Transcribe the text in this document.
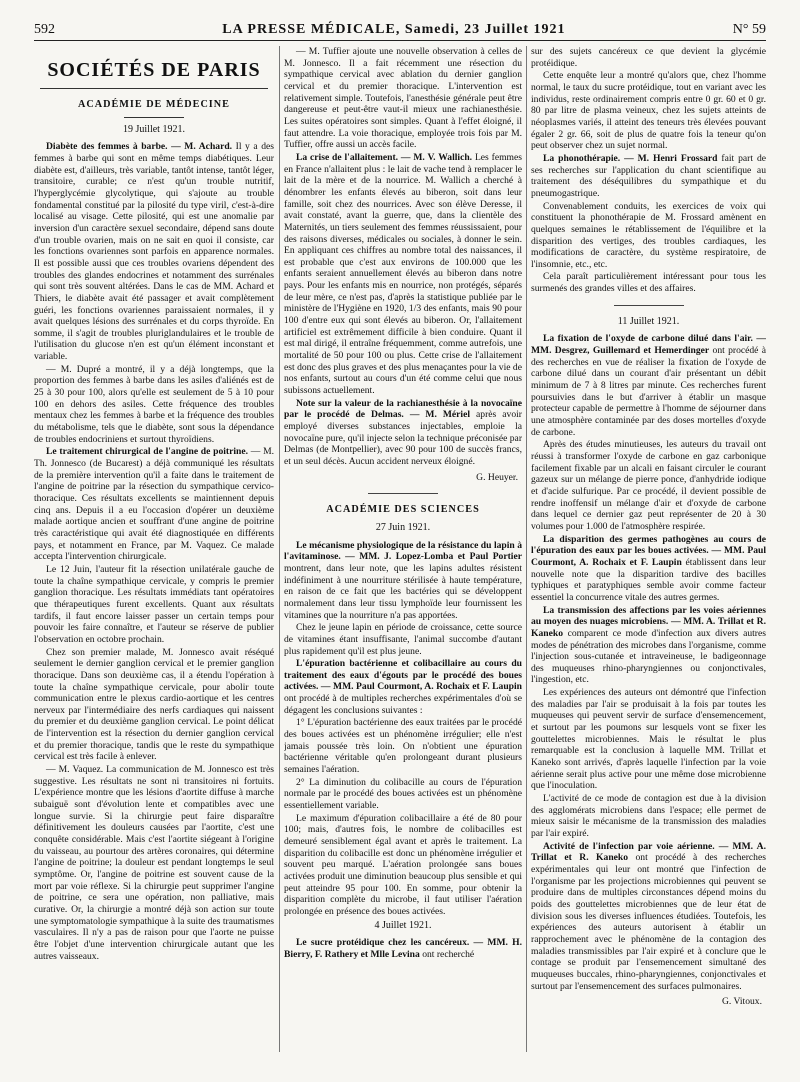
592	LA PRESSE MÉDICALE, Samedi, 23 Juillet 1921	N° 59
SOCIÉTÉS DE PARIS
ACADÉMIE DE MÉDECINE
19 Juillet 1921.

Diabète des femmes à barbe. — M. Achard. Il y a des femmes à barbe qui sont en même temps diabétiques. Leur diabète est, d'ailleurs, très variable, tantôt intense, tantôt léger, transitoire, curable; ce n'est qu'un trouble nutritif, l'hyperglycémie glycolytique, qui s'ajoute au trouble fondamental constitué par la pilosité du type viril, c'est-à-dire localisé au visage. Cette pilosité, qui est une anomalie par inversion d'un caractère sexuel secondaire, dépend sans doute d'un trouble ovarien, mais on ne sait en quoi il consiste, car les fonctions ovariennes sont parfois en apparence normales. Il est possible aussi que ces troubles ovariens dépendent des troubles des glandes endocrines et notamment des surrénales qui sont très souvent altérées. Dans le cas de MM. Achard et Thiers, le diabète avait été passager et avait complètement guéri, les fonctions ovariennes paraissaient normales, il y avait quelques lésions des surrénales et du corps thyroïde. En somme, il s'agit de troubles pluriglandulaires et le trouble de l'utilisation du glucose n'en est qu'un élément inconstant et variable.

— M. Dupré a montré, il y a déjà longtemps, que la proportion des femmes à barbe dans les asiles d'aliénés est de 25 à 30 pour 100, alors qu'elle est seulement de 5 à 10 pour 100 en dehors des asiles. Cette fréquence des troubles mentaux chez les femmes à barbe et la fréquence des troubles du métabolisme, tels que le diabète, sont sous la dépendance de troubles endocriniens et surtout thyroïdiens.

Le traitement chirurgical de l'angine de poitrine. — M. Th. Jonnesco (de Bucarest) a déjà communiqué les résultats de la première intervention qu'il a faite dans le traitement de l'angine de poitrine par la résection du sympathique cervico-thoracique. Ces résultats excellents se maintiennent depuis cinq ans. Depuis il a eu l'occasion d'opérer un deuxième malade aortique ancien et souffrant d'une angine de poitrine très caractéristique qui avait été diagnostiquée en différents pays, et notamment en France, par M. Vaquez. Ce malade accepta l'intervention chirurgicale.

Le 12 Juin, l'auteur fit la résection unilatérale gauche de toute la chaîne sympathique cervicale, y compris le premier ganglion thoracique. Les résultats immédiats tant opératoires que thérapeutiques furent excellents. Quant aux résultats tardifs, il faut encore laisser passer un certain temps pour pouvoir les faire connaître, et l'auteur se réserve de publier l'observation en octobre prochain.

Chez son premier malade, M. Jonnesco avait réséqué seulement le dernier ganglion cervical et le premier ganglion thoracique. Dans son deuxième cas, il a étendu l'opération à toute la chaîne sympathique cervicale, pour abolir toute communication entre le plexus cardio-aortique et les centres nerveux par l'intermédiaire des nerfs cardiaques qui naissent du premier et du deuxième ganglion cervical. Le point délicat de l'intervention est la résection du dernier ganglion cervical et du premier thoracique, tandis que le reste du sympathique cervical est très facile à enlever.

— M. Vaquez. La communication de M. Jonnesco est très suggestive. Les résultats ne sont ni transitoires ni fortuits. L'expérience montre que les lésions d'aortite diffuse à marche subaiguë sont d'évolution lente et compatibles avec une longue survie. Si la chirurgie peut faire disparaître définitivement les douleurs causées par l'aortite, c'est une conquête considérable. Mais c'est l'aortite siégeant à l'origine du vaisseau, au pourtour des artères coronaires, qui détermine l'angine de poitrine; la douleur est pendant longtemps le seul symptôme. Or, l'angine de poitrine est souvent cause de la mort par voie réflexe. Si la chirurgie peut supprimer l'angine de poitrine, ce sera une opération, non palliative, mais curative. Or, la chirurgie a montré déjà son action sur toute une symptomatologie sympathique à la suite des traumatismes vasculaires. Il n'y a pas de raison pour que l'aorte ne puisse être l'objet d'une intervention chirurgicale autant que les autres vaisseaux.

— M. Tuffier ajoute une nouvelle observation à celles de M. Jonnesco. Il a fait récemment une résection du sympathique cervical avec ablation du dernier ganglion cervical et du premier thoracique. L'intervention est relativement simple. Toutefois, l'anesthésie générale peut être dangereuse et peut-être vaut-il mieux une rachianesthésie. Les suites opératoires sont simples. Quant à l'effet éloigné, il faut attendre. La voie thoracique, employée trois fois par M. Tuffier, offre aussi un accès facile.

La crise de l'allaitement. — M. V. Wallich. Les femmes en France n'allaitent plus : le lait de vache tend à remplacer le lait de la mère et de la nourrice. M. Wallich a cherché à dénombrer les enfants élevés au biberon, soit dans leur famille, soit chez des nourrices. Avec son élève Deresse, il avait constaté, avant la guerre, que, dans la clientèle des Maternités, un tiers seulement des femmes réussissaient, pour des raisons diverses, médicales ou sociales, à donner le sein. En appliquant ces chiffres au nombre total des naissances, il est probable que c'est aux environs de 100.000 que les enfants seraient annuellement élevés au biberon dans notre pays. Pour les enfants mis en nourrice, non protégés, séparés de leur mère, ce n'est pas, d'après la statistique publiée par le ministère de l'Hygiène en 1920, 1/3 des enfants, mais 90 pour 100 d'entre eux qui sont élevés au biberon. Or, l'allaitement artificiel est extrêmement difficile à bien conduire. Quant il est mal dirigé, il entraîne fréquemment, comme autrefois, une mortalité de 50 pour 100 ou plus. Cette crise de l'allaitement est donc des plus graves et des plus menaçantes pour la vie de nos enfants, surtout au cours d'un été comme celui que nous subissons actuellement.

Note sur la valeur de la rachianesthésie à la novocaïne par le procédé de Delmas. — M. Mériel après avoir employé diverses substances injectables, emploie la novocaïne pure, qu'il injecte selon la technique préconisée par Delmas (de Montpellier), avec 90 pour 100 de succès francs, et un seul décès. Aucun accident nerveux éloigné.

G. Heuyer.
ACADÉMIE DES SCIENCES
27 Juin 1921.

Le mécanisme physiologique de la résistance du lapin à l'avitaminose. — MM. J. Lopez-Lomba et Paul Portier montrent, dans leur note, que les lapins adultes résistent indéfiniment à une nourriture stérilisée à haute température, en raison de ce fait que les bactéries qui se développent normalement dans leur tissu lymphoïde leur fournissent les vitamines que la nourriture n'a pas apportées.

Chez le jeune lapin en période de croissance, cette source de vitamines étant insuffisante, l'animal succombe d'autant plus rapidement qu'il est plus jeune.

L'épuration bactérienne et colibacillaire au cours du traitement des eaux d'égouts par le procédé des boues activées. — MM. Paul Courmont, A. Rochaix et F. Laupin ont procédé à de multiples recherches expérimentales d'où se dégagent les conclusions suivantes :

1° L'épuration bactérienne des eaux traitées par le procédé des boues activées est un phénomène irrégulier; elle n'est jamais poussée très loin. On n'obtient une épuration bactérienne véritable qu'en prolongeant durant plusieurs semaines l'aération.

2° La diminution du colibacille au cours de l'épuration normale par le procédé des boues activées est un phénomène essentiellement variable.

Le maximum d'épuration colibacillaire a été de 80 pour 100; mais, d'autres fois, le nombre de colibacilles est demeuré sensiblement égal avant et après le traitement. La disparition du colibacille est donc un phénomène irrégulier et souvent peu marqué. L'aération prolongée sans boues activées produit une diminution beaucoup plus sensible et qui peut atteindre 95 pour 100. En somme, pour obtenir la disparition complète du microbe, il faut utiliser l'aération prolongée en présence des boues activées.

4 Juillet 1921.

Le sucre protéidique chez les cancéreux. — MM. H. Bierry, F. Rathery et Mlle Levina ont recherché

sur des sujets cancéreux ce que devient la glycémie protéidique.

Cette enquête leur a montré qu'alors que, chez l'homme normal, le taux du sucre protéidique, tout en variant avec les individus, reste ordinairement compris entre 0 gr. 60 et 0 gr. 80 par litre de plasma veineux, chez les sujets atteints de néoplasmes variés, il atteint des teneurs très élevées pouvant égaler 2 gr. 66, soit de plus de quatre fois la teneur qu'on peut observer chez un sujet normal.

La phonothérapie. — M. Henri Frossard fait part de ses recherches sur l'application du chant scientifique au traitement des déséquilibres du sympathique et du pneumogastrique.

Convenablement conduits, les exercices de voix qui constituent la phonothérapie de M. Frossard amènent en quelques semaines le rétablissement de l'équilibre et la disparition des vertiges, des troubles cardiaques, les modifications de caractère, du système respiratoire, de l'insomnie, etc., etc.

Cela paraît particulièrement intéressant pour tous les surmenés des grandes villes et des affaires.

11 Juillet 1921.

La fixation de l'oxyde de carbone dilué dans l'air. — MM. Desgrez, Guillemard et Hemerdinger ont procédé à des recherches en vue de réaliser la fixation de l'oxyde de carbone dilué dans un courant d'air présentant un débit minimum de 7 à 8 litres par minute. Ces recherches furent poursuivies dans le but d'arriver à établir un masque protecteur capable de permettre à l'homme de séjourner dans une atmosphère contaminée par des doses mortelles d'oxyde de carbone.

Après des études minutieuses, les auteurs du travail ont réussi à transformer l'oxyde de carbone en gaz carbonique facilement fixable par un alcali en faisant circuler le courant gazeux sur un mélange de pierre ponce, d'anhydride iodique et d'acide sulfurique. Par ce procédé, il devient possible de rendre inoffensif un mélange d'air et d'oxyde de carbone dans lequel ce dernier gaz peut représenter de 20 à 30 volumes pour 1.000 de l'atmosphère respirée.

La disparition des germes pathogènes au cours de l'épuration des eaux par les boues activées. — MM. Paul Courmont, A. Rochaix et F. Laupin établissent dans leur nouvelle note que la disparition tardive des bacilles typhiques et paratyphiques semble avoir comme facteur essentiel la concurrence vitale des autres germes.

La transmission des affections par les voies aériennes au moyen des nuages microbiens. — MM. A. Trillat et R. Kaneko comparent ce mode d'infection aux divers autres modes de pénétration des microbes dans l'organisme, comme l'injection sous-cutanée et intraveineuse, le badigeonnage des muqueuses rhino-pharyngiennes ou conjonctivales, l'ingestion, etc.

Les expériences des auteurs ont démontré que l'infection des maladies par l'air se produisait à la fois par toutes les muqueuses qui peuvent servir de surface d'ensemencement, et surtout par les poumons sur lesquels vont se fixer les gouttelettes microbiennes. Mais le résultat le plus remarquable est la conclusion à laquelle MM. Trillat et Kaneko sont arrivés, d'après laquelle l'infection par la voie aérienne serait plus active pour une même dose microbienne que l'inoculation.

L'activité de ce mode de contagion est due à la division des agglomérats microbiens dans l'espace; elle permet de mieux saisir le mécanisme de la transmission des maladies par l'air expiré.

Activité de l'infection par voie aérienne. — MM. A. Trillat et R. Kaneko ont procédé à des recherches expérimentales qui leur ont montré que l'infection de l'organisme par les projections microbiennes qui peuvent se produire dans de multiples circonstances dépend moins du poids des gouttelettes microbiennes que de leur état de division sous les diverses influences étudiées. Toutefois, les expériences des auteurs autorisent à établir un rapprochement avec le phénomène de la contagion des maladies transmissibles par l'air expiré et à conclure que le contage se produit par l'ensemencement simultané des muqueuses buccales, rhino-pharyngiennes, conjonctivales et surtout par l'ensemencement des surfaces pulmonaires.

G. Vitoux.
